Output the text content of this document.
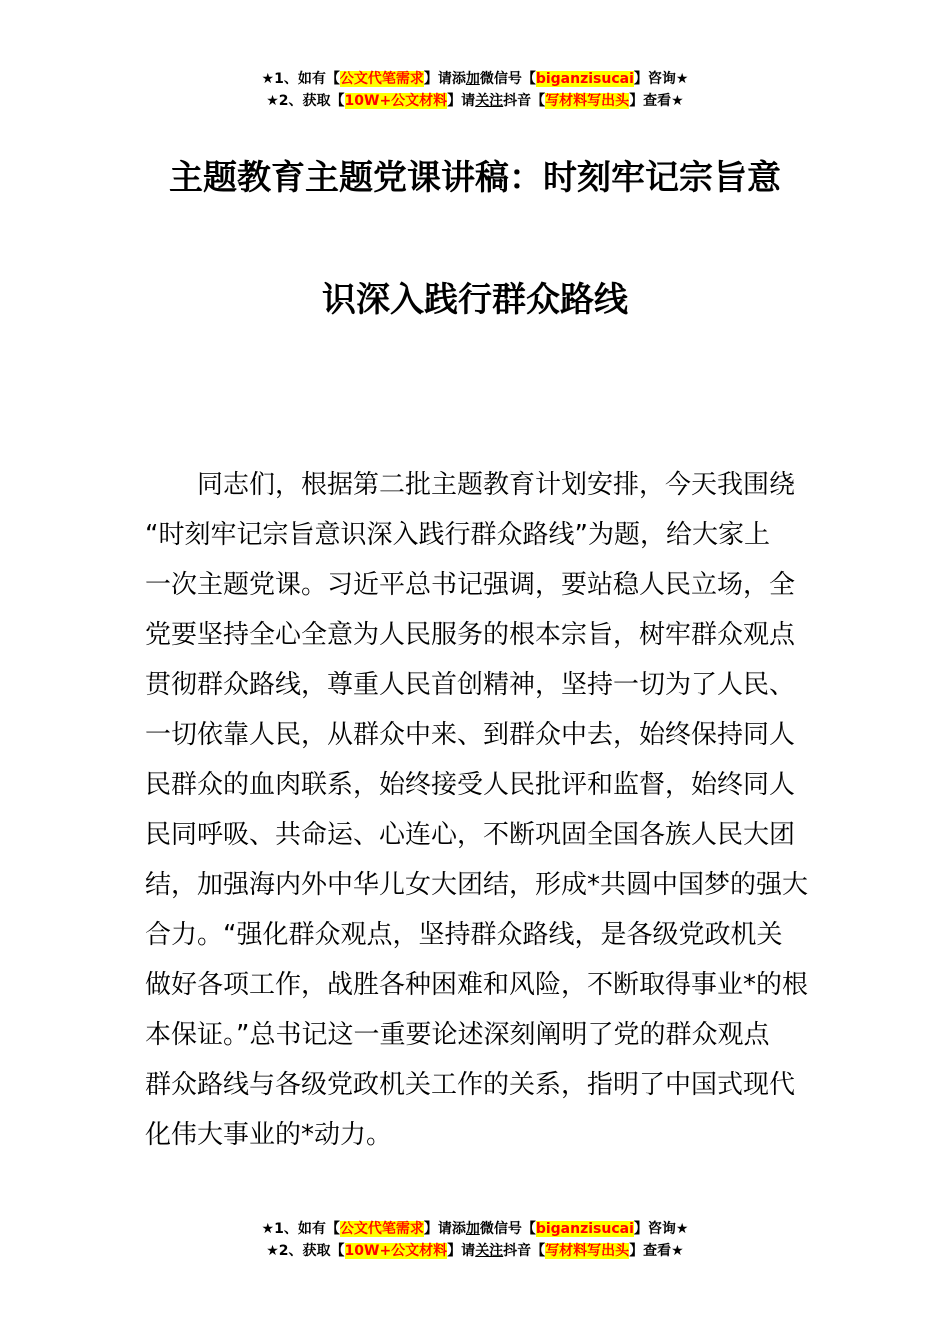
★1、如有【公文代笔需求】请添加微信号【biganzisucai】咨询★
★2、获取【10W+公文材料】请关注抖音【写材料写出头】查看★
主题教育主题党课讲稿：时刻牢记宗旨意
识深入践行群众路线
同志们，根据第二批主题教育计划安排，今天我围绕
“时刻牢记宗旨意识深入践行群众路线”为题，给大家上
一次主题党课。习近平总书记强调，要站稳人民立场，全
党要坚持全心全意为人民服务的根本宗旨，树牢群众观点
贯彻群众路线，尊重人民首创精神，坚持一切为了人民、
一切依靠人民，从群众中来、到群众中去，始终保持同人
民群众的血肉联系，始终接受人民批评和监督，始终同人
民同呼吸、共命运、心连心，不断巩固全国各族人民大团
结，加强海内外中华儿女大团结，形成*共圆中国梦的强大
合力。“强化群众观点，坚持群众路线，是各级党政机关
做好各项工作，战胜各种困难和风险，不断取得事业*的根
本保证。”总书记这一重要论述深刻阐明了党的群众观点
群众路线与各级党政机关工作的关系，指明了中国式现代
化伟大事业的*动力。
★1、如有【公文代笔需求】请添加微信号【biganzisucai】咨询★
★2、获取【10W+公文材料】请关注抖音【写材料写出头】查看★
